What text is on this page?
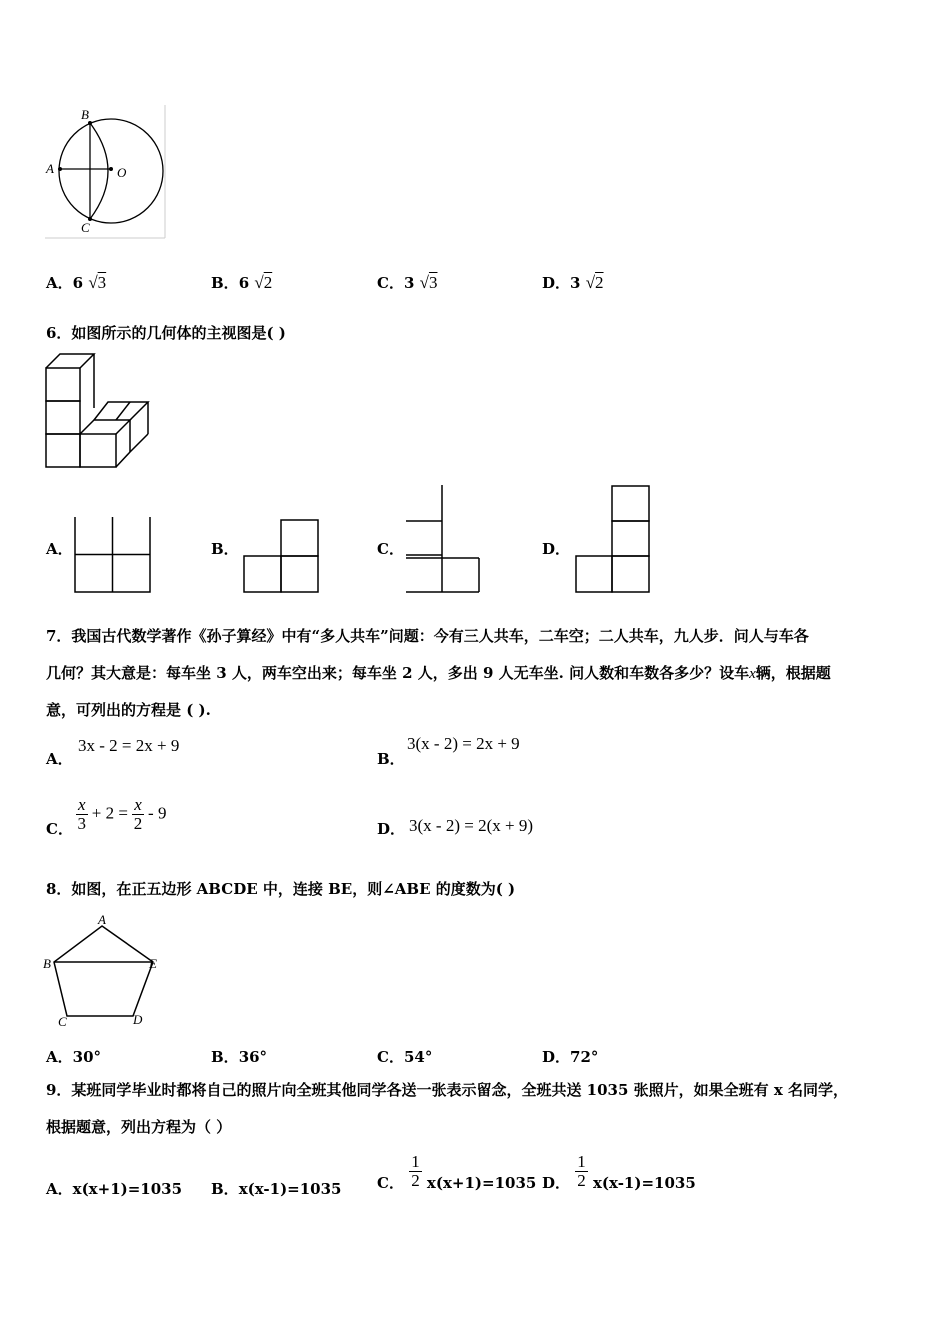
B
A	O
C
A．6 √3	B．6 √2	C．3 √3	D．3 √2
6．如图所示的几何体的主视图是( )
A．	B．	C．	D．
7．我国古代数学著作《孙子算经》中有“多人共车”问题：今有三人共车，二车空；二人共车，九人步．问人与车各
几何？其大意是：每车坐 3 人，两车空出来；每车坐 2 人，多出 9 人无车坐. 问人数和车数各多少？设车x辆，根据题
意，可列出的方程是 ( ).
A．
3x - 2 = 2x + 9
B．
3(x - 2) = 2x + 9
C． $\frac{x}{3} + 2 = \frac{x}{2} - 9$
D． 3(x - 2) = 2(x + 9)
8．如图，在正五边形 ABCDE 中，连接 BE，则∠ABE 的度数为( )
A
B	E
C	D
A．30°	B．36°	C．54°	D．72°
9．某班同学毕业时都将自己的照片向全班其他同学各送一张表示留念，全班共送 1035 张照片，如果全班有 x 名同学，
根据题意，列出方程为（ ）
A．x(x+1)=1035 B．x(x-1)=1035 C． $\frac{1}{2} x(x+1)=1035$ D． $\frac{1}{2} x(x-1)=1035$
